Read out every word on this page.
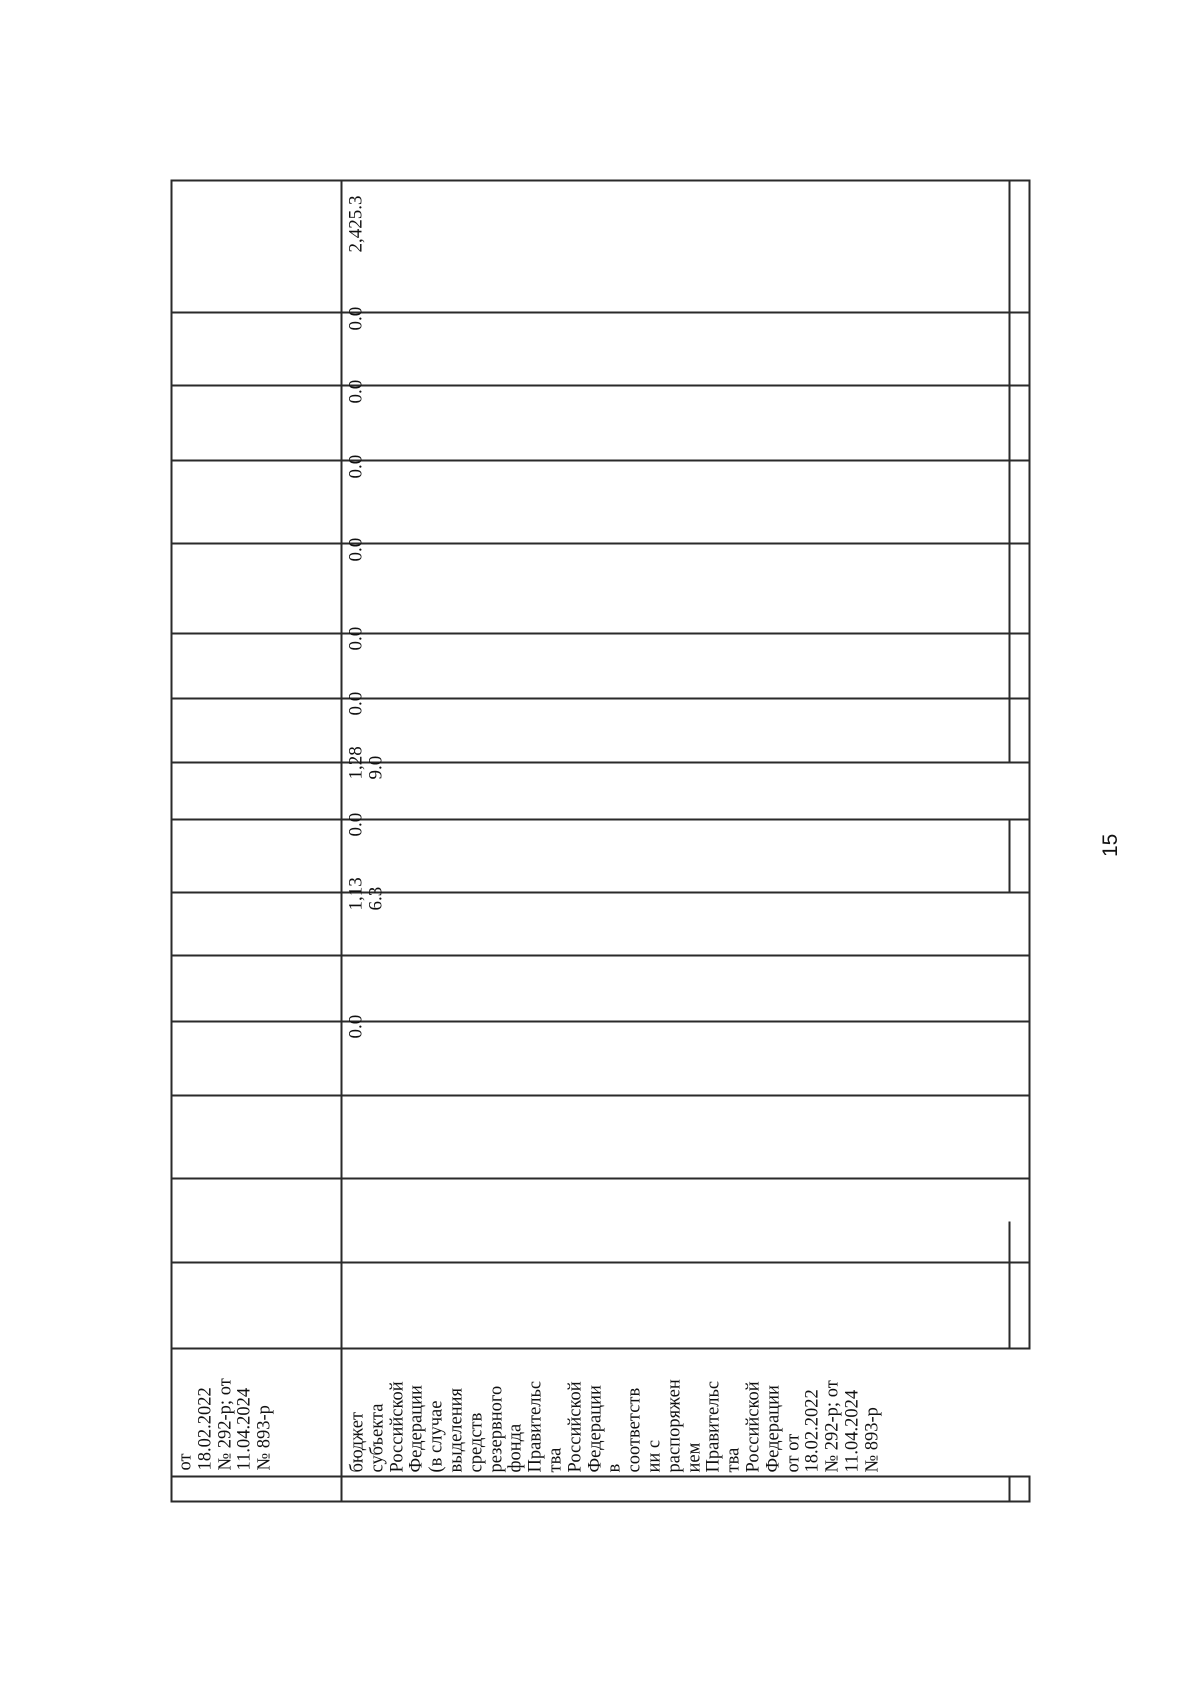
от 18.02.2022 № 292-р; от 11.04.2024 № 893-р	бюджет субъекта Российской Федерации (в случае выделения средств резервного фонда Правительс тва Российской Федерации в соответств ии с распоряжен ием Правительс тва Российской Федерации от от 18.02.2022 № 292-р; от 11.04.2024 № 893-р
0.0
1,13
6.3
0.0
1,28
9.0
0.0
0.0
0.0
0.0
0.0
0.0
2,425.3
15
